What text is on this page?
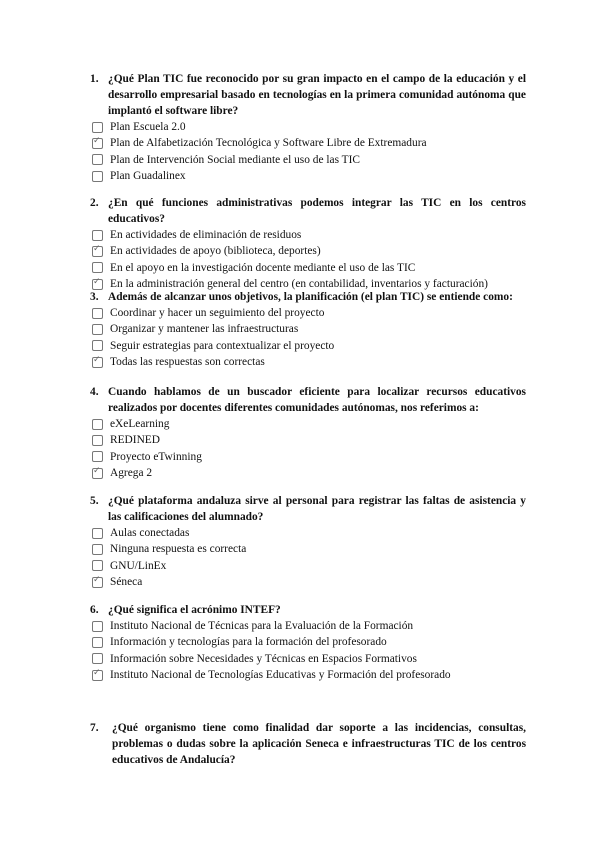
1. ¿Qué Plan TIC fue reconocido por su gran impacto en el campo de la educación y el desarrollo empresarial basado en tecnologías en la primera comunidad autónoma que implantó el software libre?
Plan Escuela 2.0
✓
Plan de Alfabetización Tecnológica y Software Libre de Extremadura
Plan de Intervención Social mediante el uso de las TIC
Plan Guadalinex
2. ¿En qué funciones administrativas podemos integrar las TIC en los centros educativos?
En actividades de eliminación de residuos
✓
En actividades de apoyo (biblioteca, deportes)
En el apoyo en la investigación docente mediante el uso de las TIC
✓
En la administración general del centro (en contabilidad, inventarios y facturación)
3. Además de alcanzar unos objetivos, la planificación (el plan TIC) se entiende como:
Coordinar y hacer un seguimiento del proyecto
Organizar y mantener las infraestructuras
Seguir estrategias para contextualizar el proyecto
✓
Todas las respuestas son correctas
4. Cuando hablamos de un buscador eficiente para localizar recursos educativos realizados por docentes diferentes comunidades autónomas, nos referimos a:
eXeLearning
REDINED
Proyecto eTwinning
✓
Agrega 2
5. ¿Qué plataforma andaluza sirve al personal para registrar las faltas de asistencia y las calificaciones del alumnado?
Aulas conectadas
Ninguna respuesta es correcta
GNU/LinEx
✓
Séneca
6. ¿Qué significa el acrónimo INTEF?
Instituto Nacional de Técnicas para la Evaluación de la Formación
Información y tecnologías para la formación del profesorado
Información sobre Necesidades y Técnicas en Espacios Formativos
✓
Instituto Nacional de Tecnologías Educativas y Formación del profesorado
7.	¿Qué organismo tiene como finalidad dar soporte a las incidencias, consultas, problemas o dudas sobre la aplicación Seneca e infraestructuras TIC de los centros educativos de Andalucía?
